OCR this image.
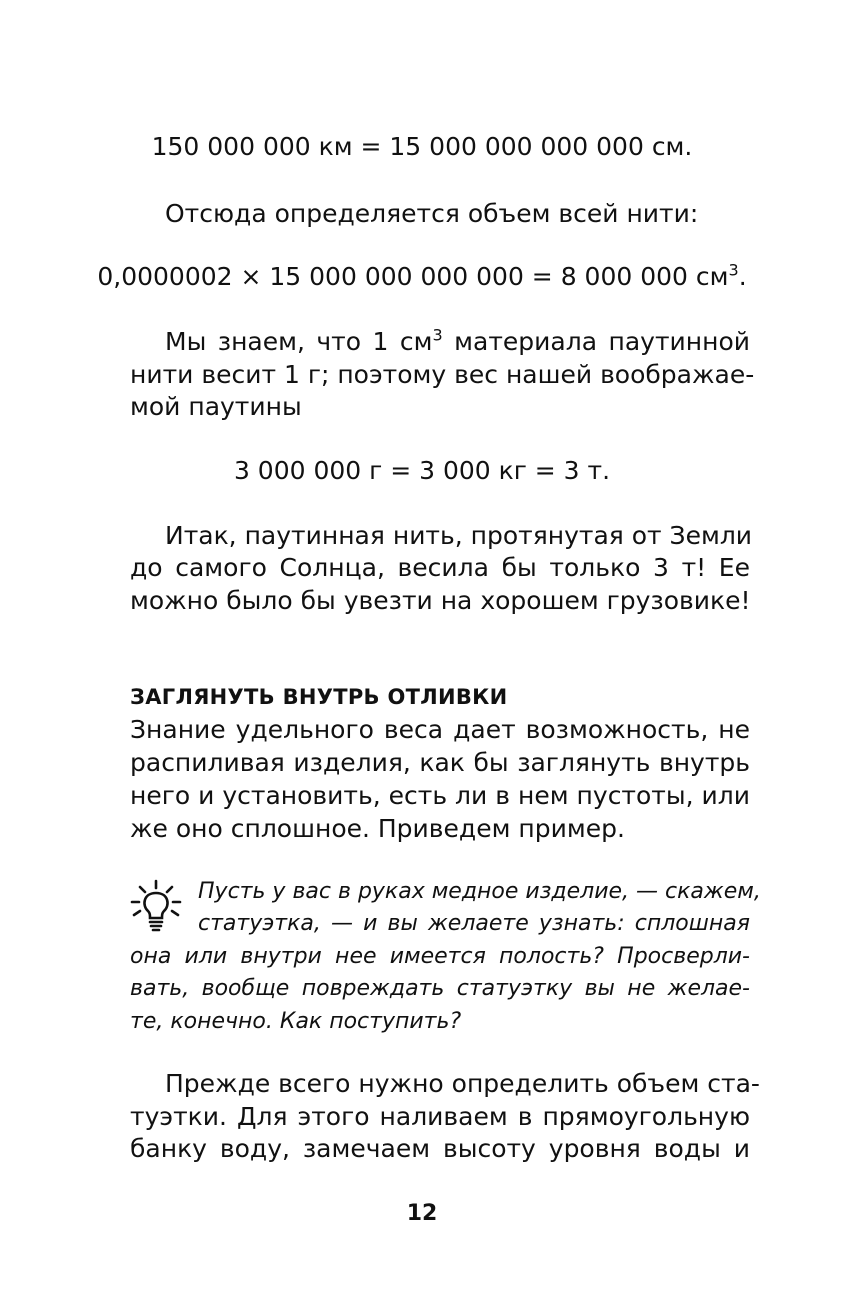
150 000 000 км = 15 000 000 000 000 см.

Отсюда определяется объем всей нити:

0,0000002 × 15 000 000 000 000 = 8 000 000 $см^3$.

Мы знаем, что 1 $см^3$ материала паутинной

нити весит 1 г; поэтому вес нашей воображае-

мой паутины

3 000 000 г = 3 000 кг = 3 т.

Итак, паутинная нить, протянутая от Земли

до самого Солнца, весила бы только 3 т! Ее

можно было бы увезти на хорошем грузовике!

ЗАГЛЯНУТЬ ВНУТРЬ ОТЛИВКИ

Знание удельного веса дает возможность, не

распиливая изделия, как бы заглянуть внутрь

него и установить, есть ли в нем пустоты, или

же оно сплошное. Приведем пример.

Пусть у вас в руках медное изделие, — скажем,

статуэтка, — и вы желаете узнать: сплошная

она или внутри нее имеется полость? Просверли-

вать, вообще повреждать статуэтку вы не желае-

те, конечно. Как поступить?

Прежде всего нужно определить объем ста-

туэтки. Для этого наливаем в прямоугольную

банку воду, замечаем высоту уровня воды и

12
